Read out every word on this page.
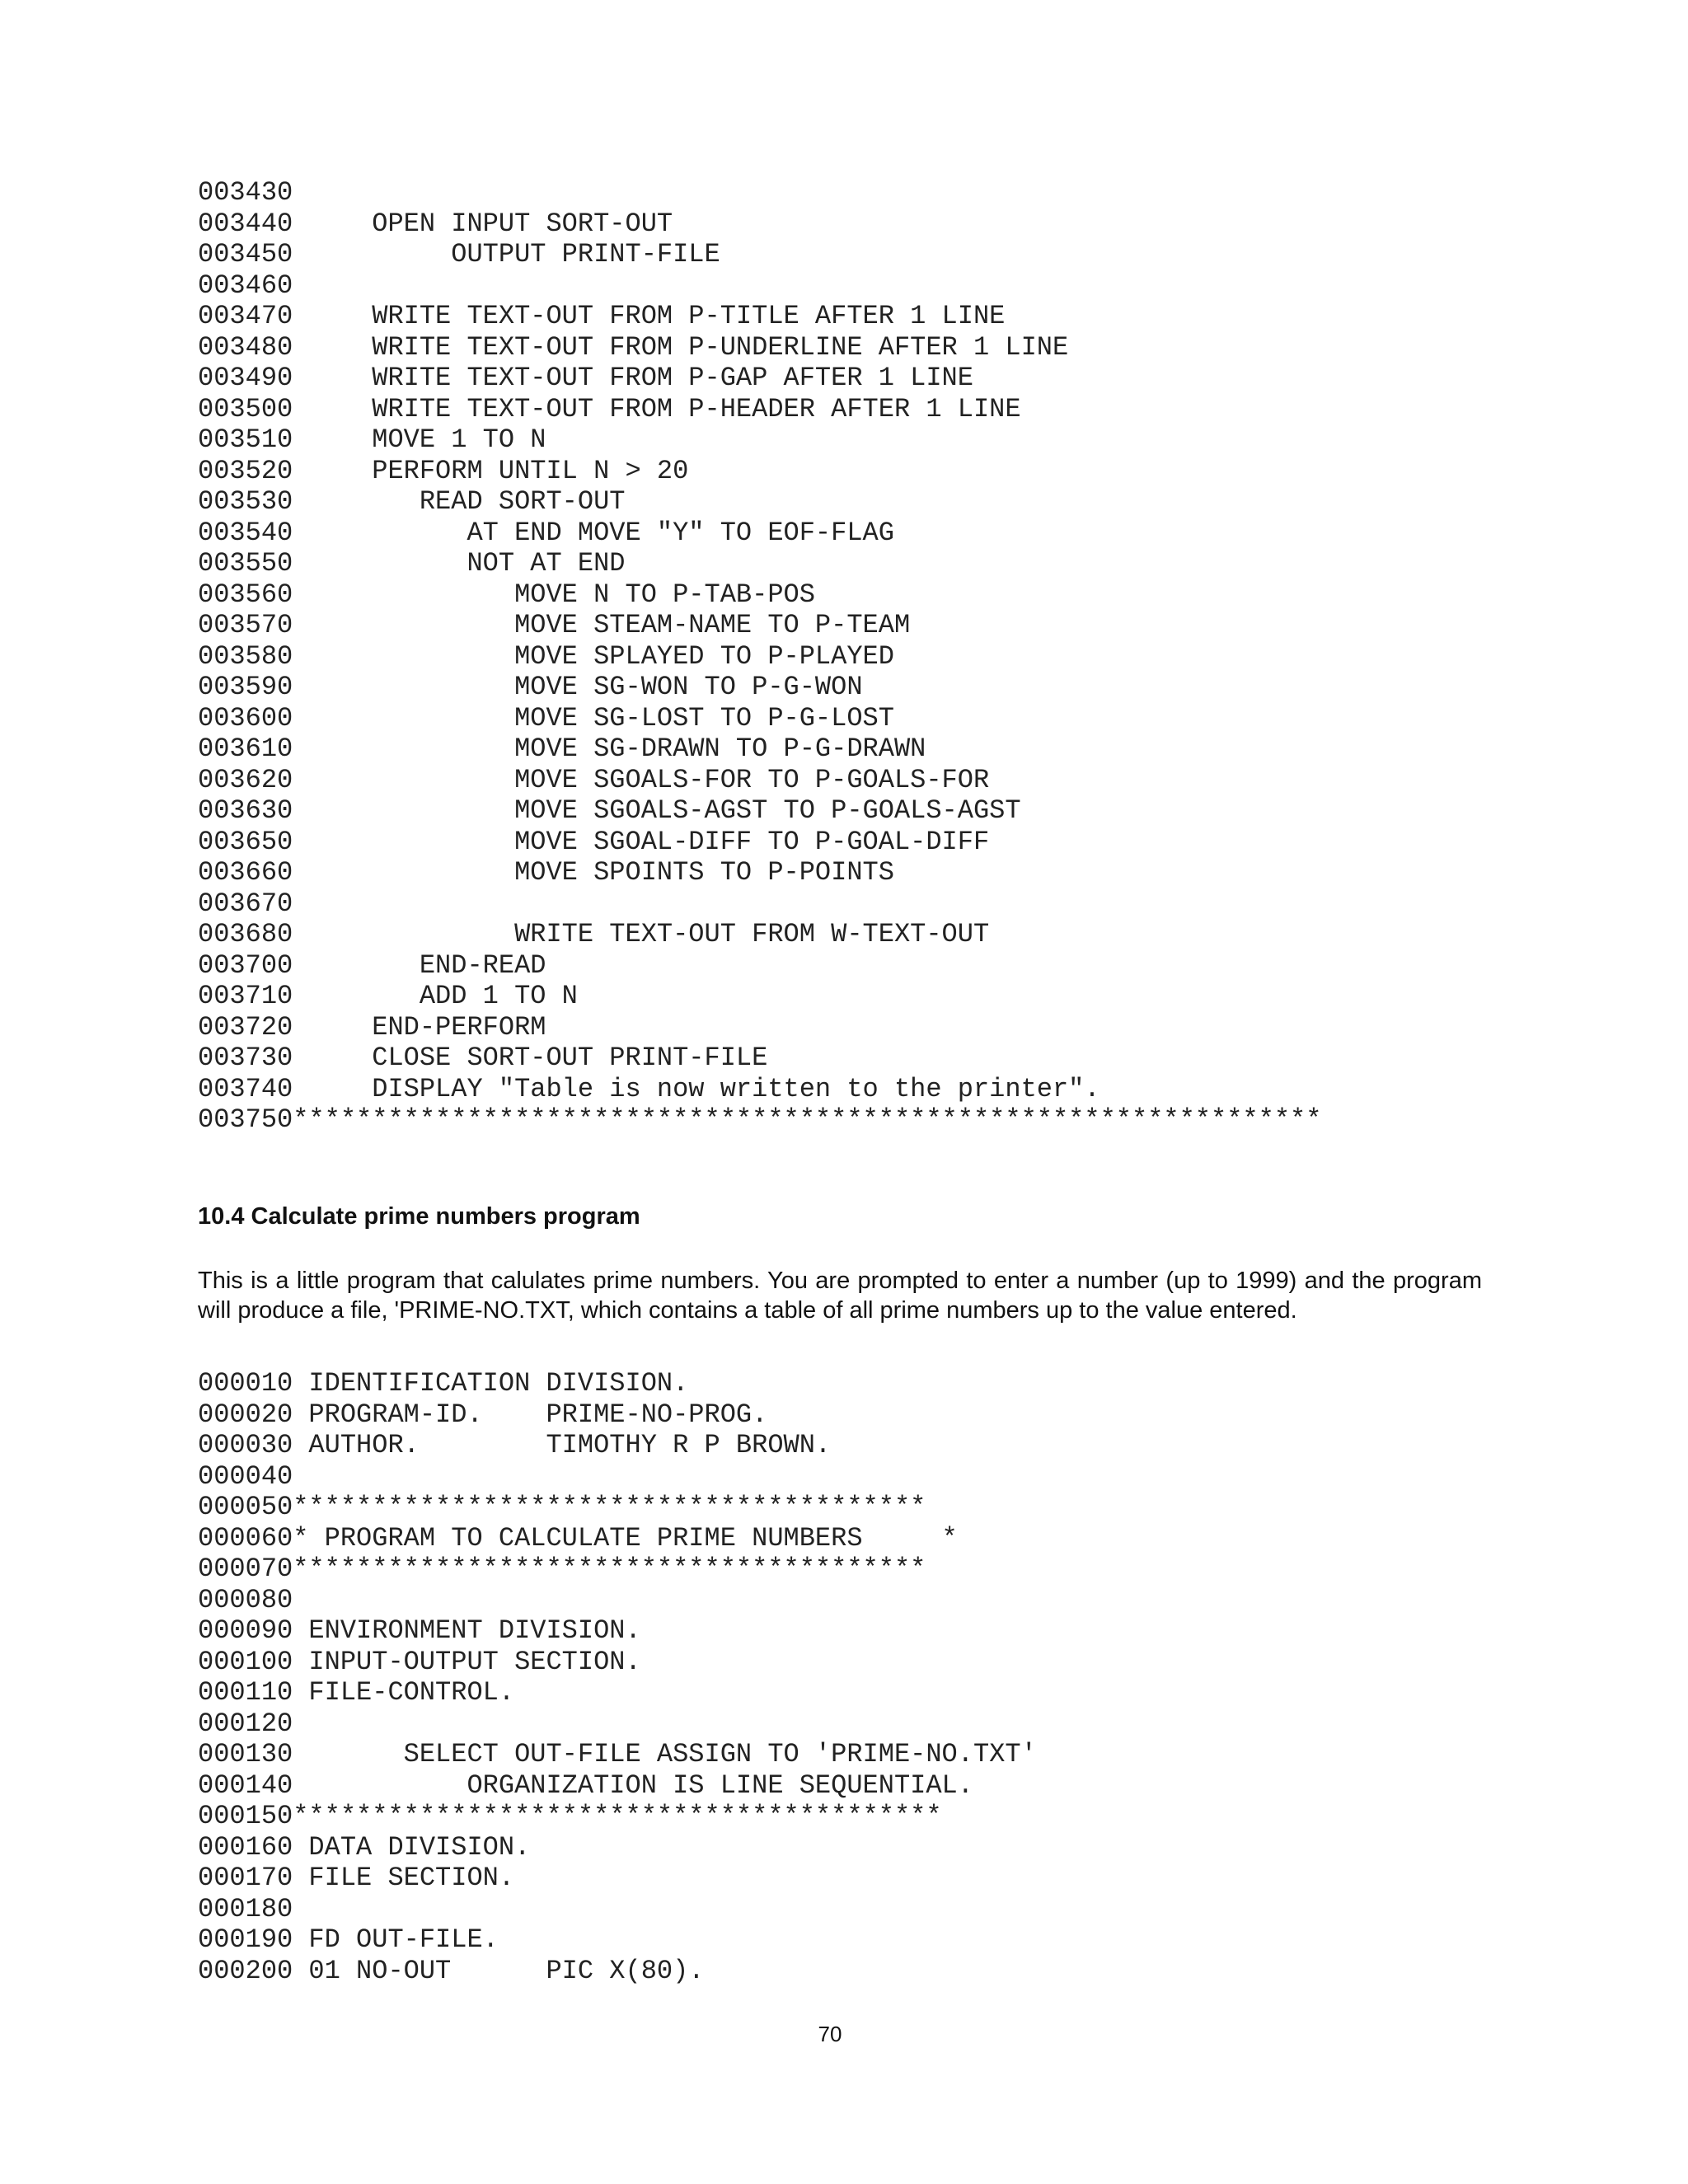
003430
003440     OPEN INPUT SORT-OUT
003450          OUTPUT PRINT-FILE
003460
003470     WRITE TEXT-OUT FROM P-TITLE AFTER 1 LINE
003480     WRITE TEXT-OUT FROM P-UNDERLINE AFTER 1 LINE
003490     WRITE TEXT-OUT FROM P-GAP AFTER 1 LINE
003500     WRITE TEXT-OUT FROM P-HEADER AFTER 1 LINE
003510     MOVE 1 TO N
003520     PERFORM UNTIL N > 20
003530        READ SORT-OUT
003540           AT END MOVE "Y" TO EOF-FLAG
003550           NOT AT END
003560              MOVE N TO P-TAB-POS
003570              MOVE STEAM-NAME TO P-TEAM
003580              MOVE SPLAYED TO P-PLAYED
003590              MOVE SG-WON TO P-G-WON
003600              MOVE SG-LOST TO P-G-LOST
003610              MOVE SG-DRAWN TO P-G-DRAWN
003620              MOVE SGOALS-FOR TO P-GOALS-FOR
003630              MOVE SGOALS-AGST TO P-GOALS-AGST
003650              MOVE SGOAL-DIFF TO P-GOAL-DIFF
003660              MOVE SPOINTS TO P-POINTS
003670
003680              WRITE TEXT-OUT FROM W-TEXT-OUT
003700        END-READ
003710        ADD 1 TO N
003720     END-PERFORM
003730     CLOSE SORT-OUT PRINT-FILE
003740     DISPLAY "Table is now written to the printer".
003750*****************************************************************

10.4 Calculate prime numbers program

This is a little program that calulates prime numbers. You are prompted to enter a number (up to 1999) and the program will produce a file, 'PRIME-NO.TXT, which contains a table of all prime numbers up to the value entered.

000010 IDENTIFICATION DIVISION.
000020 PROGRAM-ID.    PRIME-NO-PROG.
000030 AUTHOR.        TIMOTHY R P BROWN.
000040
000050****************************************
000060* PROGRAM TO CALCULATE PRIME NUMBERS     *
000070****************************************
000080
000090 ENVIRONMENT DIVISION.
000100 INPUT-OUTPUT SECTION.
000110 FILE-CONTROL.
000120
000130       SELECT OUT-FILE ASSIGN TO 'PRIME-NO.TXT'
000140           ORGANIZATION IS LINE SEQUENTIAL.
000150*****************************************
000160 DATA DIVISION.
000170 FILE SECTION.
000180
000190 FD OUT-FILE.
000200 01 NO-OUT      PIC X(80).

70
